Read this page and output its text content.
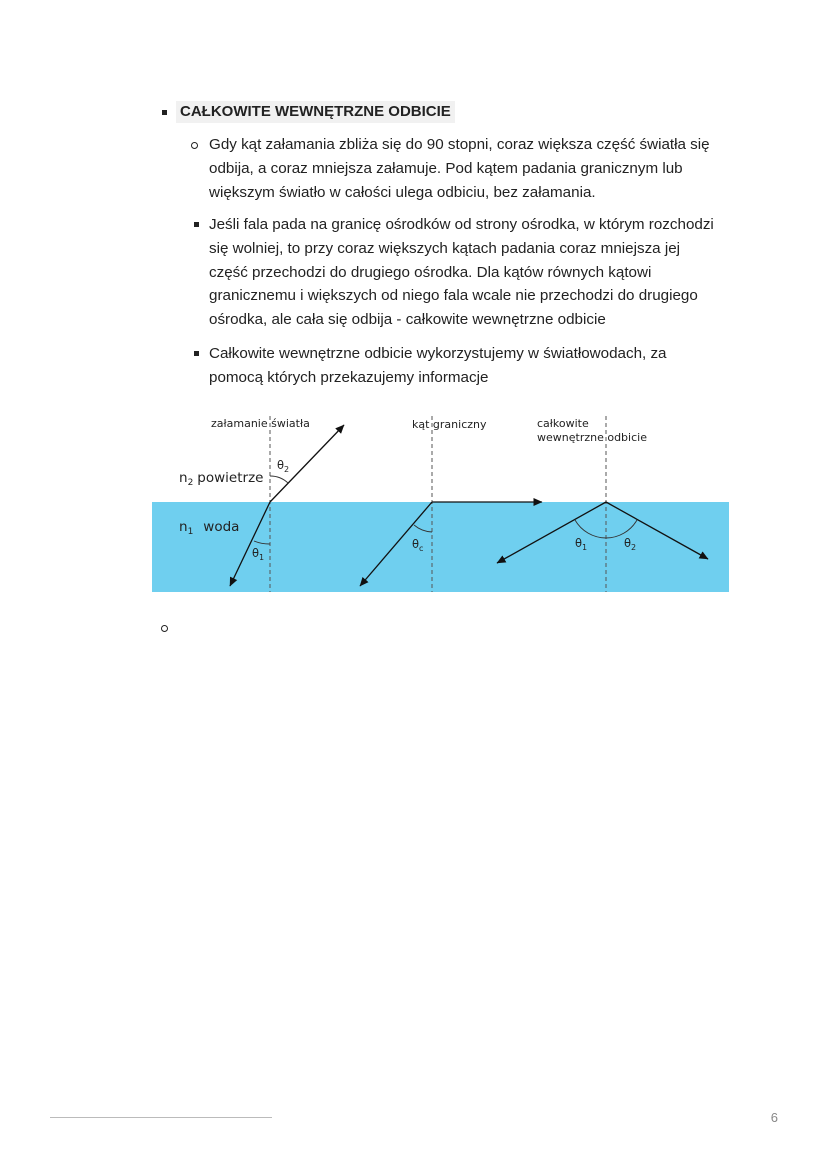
CAŁKOWITE WEWNĘTRZNE ODBICIE
Gdy kąt załamania zbliża się do 90 stopni, coraz większa część światła się odbija, a coraz mniejsza załamuje. Pod kątem padania granicznym lub większym światło w całości ulega odbiciu, bez załamania.
Jeśli fala pada na granicę ośrodków od strony ośrodka, w którym rozchodzi się wolniej, to przy coraz większych kątach padania coraz mniejsza jej część przechodzi do drugiego ośrodka. Dla kątów równych kątowi granicznemu i większych od niego fala wcale nie przechodzi do drugiego ośrodka, ale cała się odbija - całkowite wewnętrzne odbicie
Całkowite wewnętrzne odbicie wykorzystujemy w światłowodach, za pomocą których przekazujemy informacje
załamanie światła	kąt graniczny	całkowite
wewnętrzne odbicie
$n_2$ powietrze
$n_1$ woda
$\theta_2$
$\theta_1$
$\theta_c$	$\theta_1$	$\theta_2$
6
